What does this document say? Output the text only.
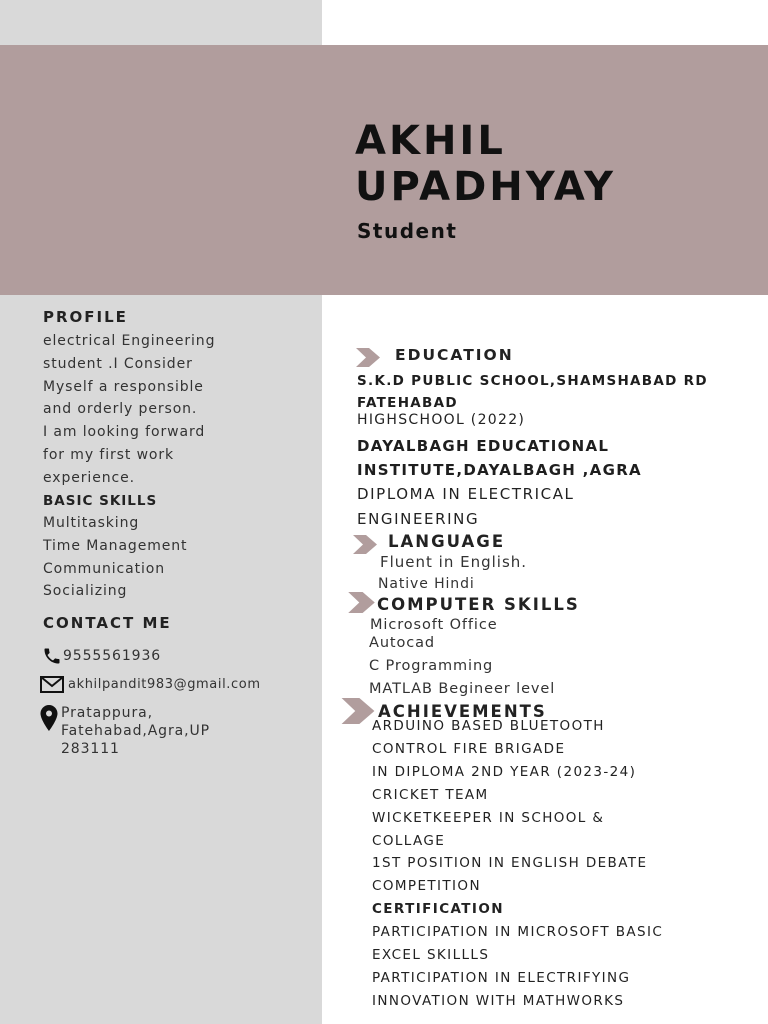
AKHIL
UPADHYAY
Student
PROFILE
electrical Engineering
student .I Consider
Myself a responsible
and orderly person.
I am looking forward
for my first work
experience.
BASIC SKILLS
Multitasking
Time Management
Communication
Socializing
CONTACT ME
9555561936
akhilpandit983@gmail.com
Pratappura,
Fatehabad,Agra,UP
283111
EDUCATION
S.K.D PUBLIC SCHOOL,SHAMSHABAD RD
FATEHABAD
HIGHSCHOOL (2022)
DAYALBAGH EDUCATIONAL
INSTITUTE,DAYALBAGH ,AGRA
DIPLOMA IN ELECTRICAL
ENGINEERING
LANGUAGE
Fluent in English.
Native Hindi
COMPUTER SKILLS
Microsoft Office
Autocad
C Programming
MATLAB Begineer level
ACHIEVEMENTS
ARDUINO BASED BLUETOOTH
CONTROL FIRE BRIGADE
IN DIPLOMA 2ND YEAR (2023-24)
CRICKET TEAM
WICKETKEEPER IN SCHOOL &
COLLAGE
1ST POSITION IN ENGLISH DEBATE
COMPETITION
CERTIFICATION
PARTICIPATION IN MICROSOFT BASIC
EXCEL SKILLLS
PARTICIPATION IN ELECTRIFYING
INNOVATION WITH MATHWORKS
